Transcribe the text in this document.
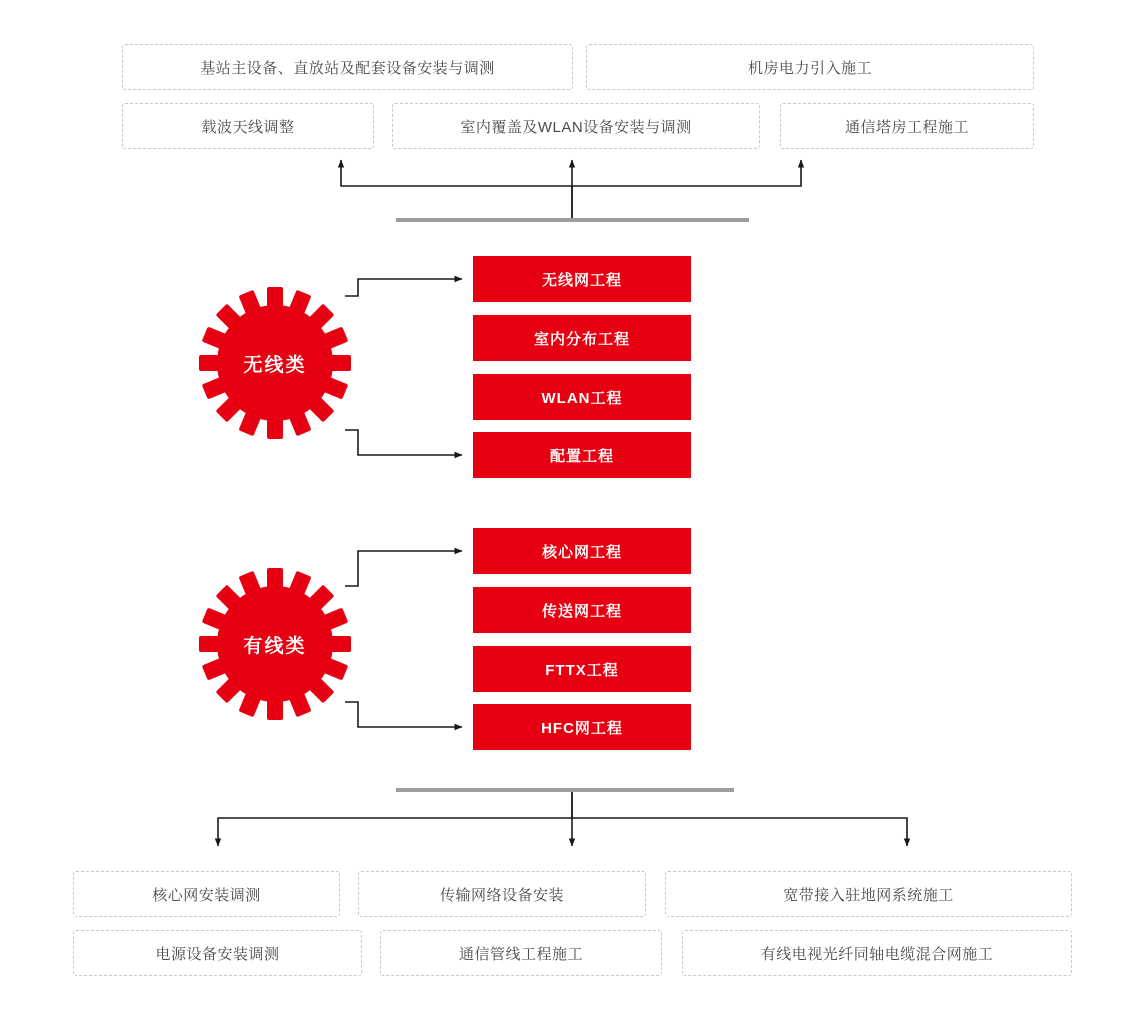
基站主设备、直放站及配套设备安装与调测	机房电力引入施工
载波天线调整	室内覆盖及WLAN设备安装与调测	通信塔房工程施工
无线类
无线网工程
室内分布工程
WLAN工程
配置工程
有线类
核心网工程
传送网工程
FTTX工程
HFC网工程
核心网安装调测	传输网络设备安装	宽带接入驻地网系统施工
电源设备安装调测	通信管线工程施工	有线电视光纤同轴电缆混合网施工
